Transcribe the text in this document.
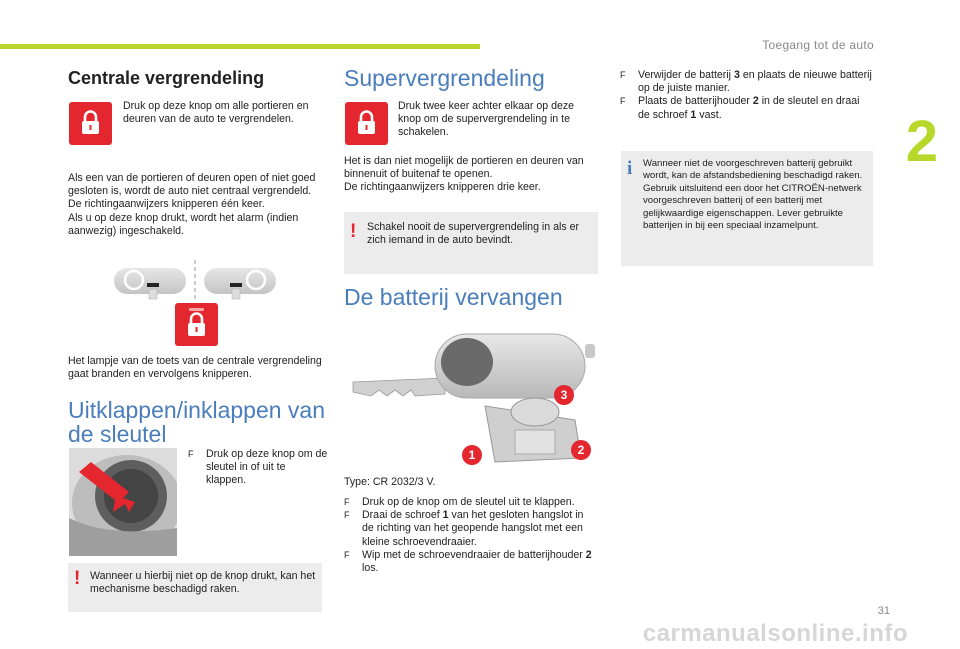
Toegang tot de auto
2
31
carmanualsonline.info
Centrale vergrendeling

Druk op deze knop om alle portieren en deuren van de auto te vergrendelen.

Als een van de portieren of deuren open of niet goed gesloten is, wordt de auto niet centraal vergrendeld.

De richtingaanwijzers knipperen één keer.

Als u op deze knop drukt, wordt het alarm (indien aanwezig) ingeschakeld.

Het lampje van de toets van de centrale vergrendeling gaat branden en vervolgens knipperen.

Uitklappen/inklappen van de sleutel
F	Druk op deze knop om de sleutel in of uit te klappen.

! Wanneer u hierbij niet op de knop drukt, kan het mechanisme beschadigd raken.

Supervergrendeling

Druk twee keer achter elkaar op deze knop om de supervergrendeling in te schakelen.

Het is dan niet mogelijk de portieren en deuren van binnenuit of buitenaf te openen.

De richtingaanwijzers knipperen drie keer.

! Schakel nooit de supervergrendeling in als er zich iemand in de auto bevindt.

De batterij vervangen
3
1	2

Type: CR 2032/3 V.

F	Druk op de knop om de sleutel uit te klappen.

F	Draai de schroef 1 van het gesloten hangslot in de richting van het geopende hangslot met een kleine schroevendraaier.

F	Wip met de schroevendraaier de batterijhouder 2 los.

F	Verwijder de batterij 3 en plaats de nieuwe batterij op de juiste manier.

F	Plaats de batterijhouder 2 in de sleutel en draai de schroef 1 vast.

i Wanneer niet de voorgeschreven batterij gebruikt wordt, kan de afstandsbediening beschadigd raken.

Gebruik uitsluitend een door het CITROËN-netwerk voorgeschreven batterij of een batterij met gelijkwaardige eigenschappen. Lever gebruikte batterijen in bij een speciaal inzamelpunt.
